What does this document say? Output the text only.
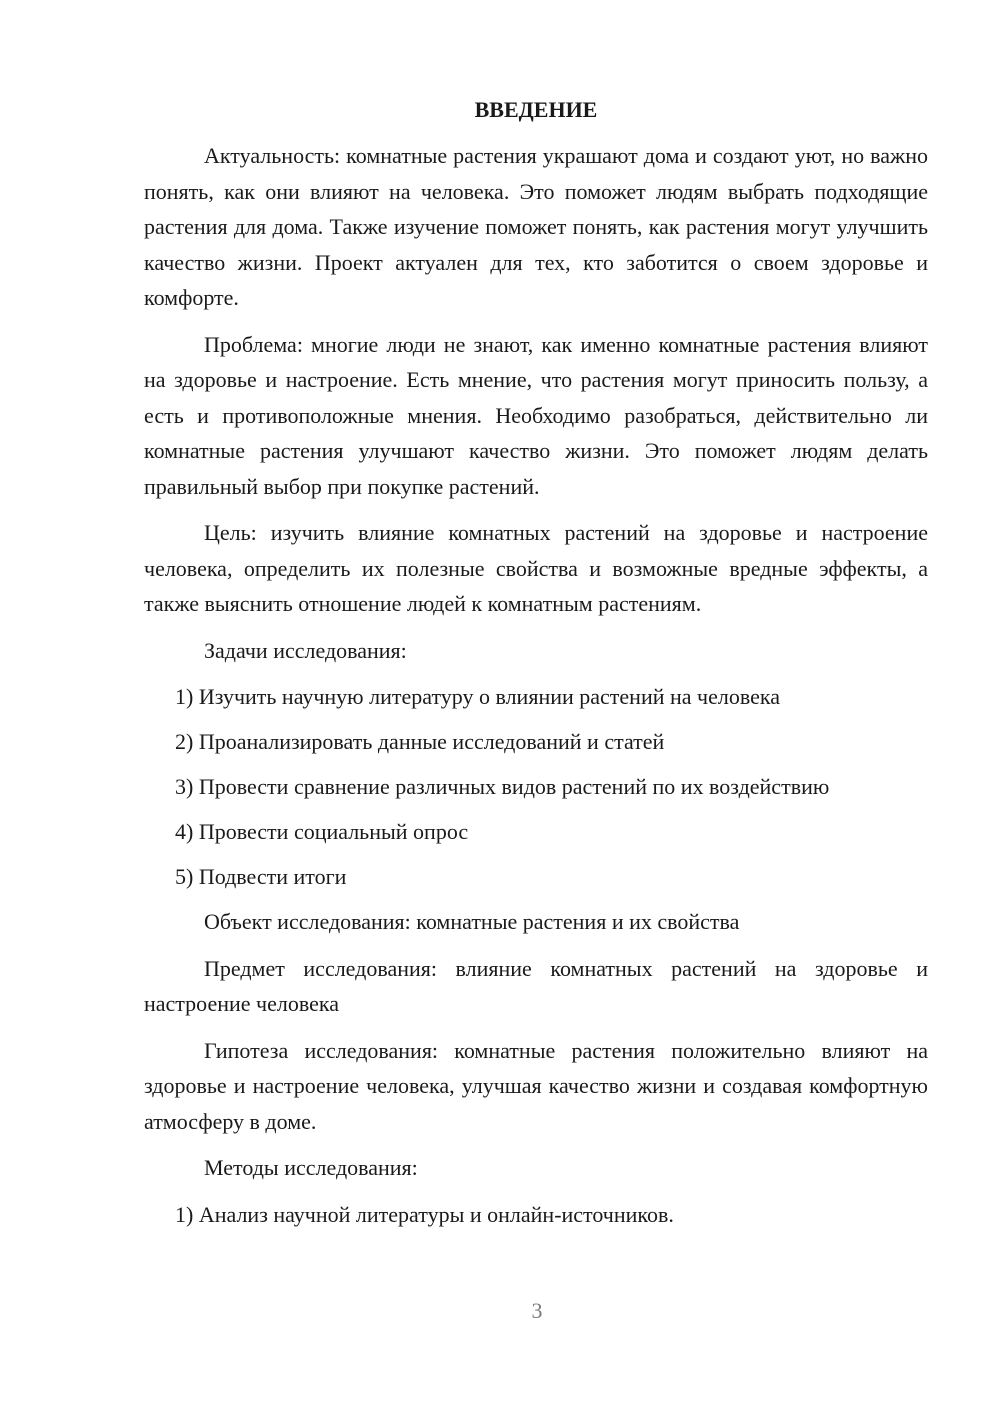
ВВЕДЕНИЕ

Актуальность: комнатные растения украшают дома и создают уют, но важно понять, как они влияют на человека. Это поможет людям выбрать подходящие растения для дома. Также изучение поможет понять, как растения могут улучшить качество жизни. Проект актуален для тех, кто заботится о своем здоровье и комфорте.

Проблема: многие люди не знают, как именно комнатные растения влияют на здоровье и настроение. Есть мнение, что растения могут приносить пользу, а есть и противоположные мнения. Необходимо разобраться, действительно ли комнатные растения улучшают качество жизни. Это поможет людям делать правильный выбор при покупке растений.

Цель: изучить влияние комнатных растений на здоровье и настроение человека, определить их полезные свойства и возможные вредные эффекты, а также выяснить отношение людей к комнатным растениям.

Задачи исследования:

1) Изучить научную литературу о влиянии растений на человека
2) Проанализировать данные исследований и статей
3) Провести сравнение различных видов растений по их воздействию
4) Провести социальный опрос
5) Подвести итоги

Объект исследования: комнатные растения и их свойства

Предмет исследования: влияние комнатных растений на здоровье и настроение человека

Гипотеза исследования: комнатные растения положительно влияют на здоровье и настроение человека, улучшая качество жизни и создавая комфортную атмосферу в доме.

Методы исследования:

1) Анализ научной литературы и онлайн-источников.
3
